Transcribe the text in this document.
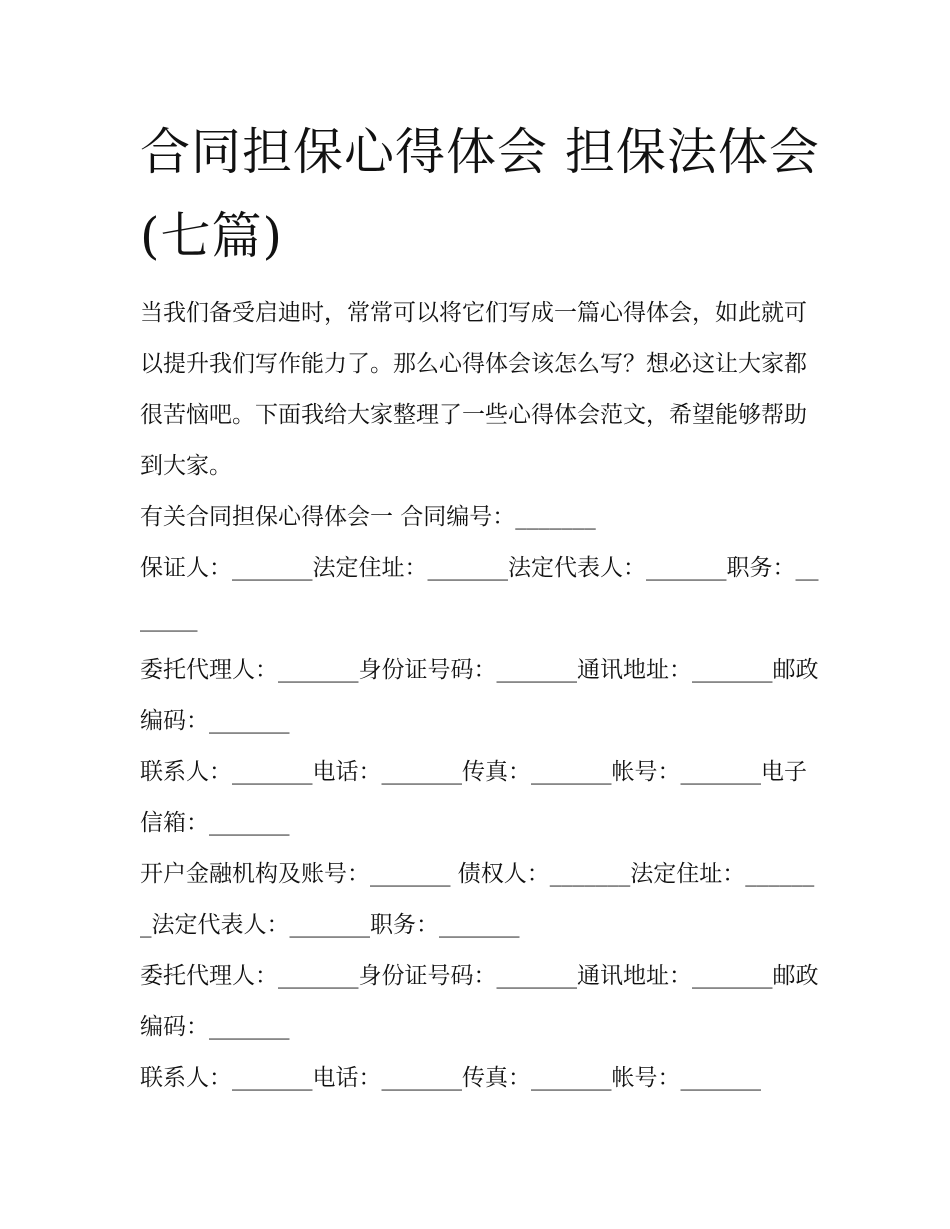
合同担保心得体会 担保法体会(七篇)

当我们备受启迪时，常常可以将它们写成一篇心得体会，如此就可以提升我们写作能力了。那么心得体会该怎么写？想必这让大家都很苦恼吧。下面我给大家整理了一些心得体会范文，希望能够帮助到大家。

有关合同担保心得体会一 合同编号：_______

保证人：_______法定住址：_______法定代表人：_______职务：_______

委托代理人：_______身份证号码：_______通讯地址：_______邮政编码：_______

联系人：_______电话：_______传真：_______帐号：_______电子信箱：_______

开户金融机构及账号：_______ 债权人：_______法定住址：_______法定代表人：_______职务：_______

委托代理人：_______身份证号码：_______通讯地址：_______邮政编码：_______

联系人：_______电话：_______传真：_______帐号：_______
